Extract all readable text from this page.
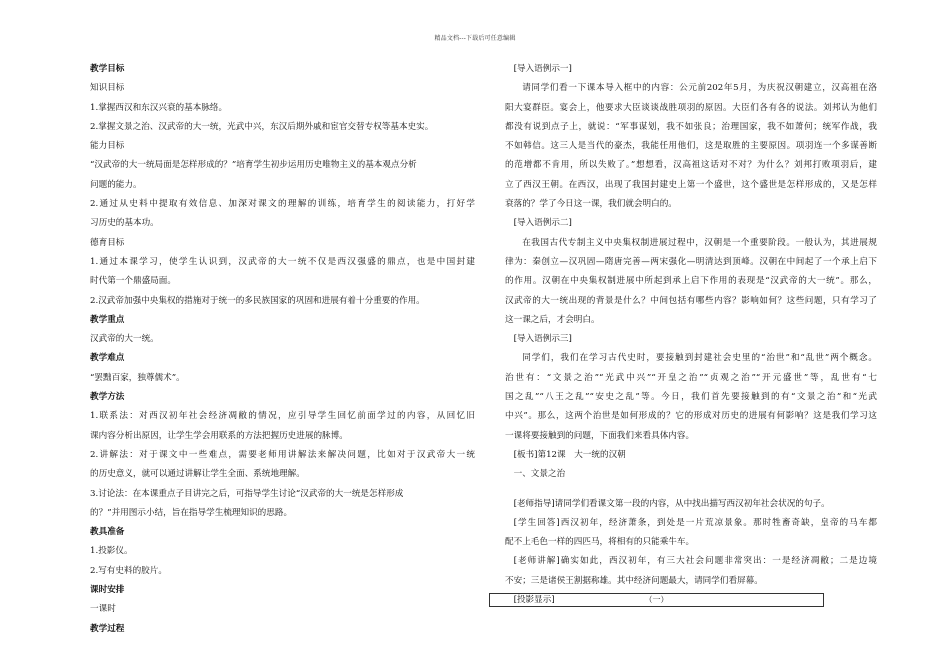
精品文档---下载后可任意编辑

教学目标

知识目标

1.掌握西汉和东汉兴衰的基本脉络。

2.掌握文景之治、汉武帝的大一统，光武中兴，东汉后期外戚和宦官交替专权等基本史实。

能力目标

“汉武帝的大一统局面是怎样形成的？”培育学生初步运用历史唯物主义的基本观点分析

问题的能力。

2.通过从史料中提取有效信息、加深对课文的理解的训练，培育学生的阅读能力，打好学

习历史的基本功。

德育目标

1.通过本课学习，使学生认识到，汉武帝的大一统不仅是西汉强盛的鼎点，也是中国封建

时代第一个鼎盛局面。

2.汉武帝加强中央集权的措施对于统一的多民族国家的巩固和进展有着十分重要的作用。

教学重点

汉武帝的大一统。

教学难点

“罢黜百家，独尊儒术”。

教学方法

1.联系法：对西汉初年社会经济凋敝的情况，应引导学生回忆前面学过的内容，从回忆旧

课内容分析出原因，让学生学会用联系的方法把握历史进展的脉博。

2.讲解法：对于课文中一些难点，需要老师用讲解法来解决问题，比如对于汉武帝大一统

的历史意义，就可以通过讲解让学生全面、系统地理解。

3.讨论法：在本课重点子目讲完之后，可指导学生讨论“汉武帝的大一统是怎样形成

的？”并用图示小结，旨在指导学生梳理知识的思路。

教具准备

1.投影仪。

2.写有史料的胶片。

课时安排

一课时

教学过程

[导入语例示一]

请同学们看一下课本导入框中的内容：公元前202年5月，为庆祝汉朝建立，汉高祖在洛

阳大宴群臣。宴会上，他要求大臣谈谈战胜项羽的原因。大臣们各有各的说法。刘邦认为他们

都没有说到点子上，就说：“军事谋划，我不如张良；治理国家，我不如萧何；统军作战，我

不如韩信。这三人是当代的豪杰，我能任用他们，这是取胜的主要原因。项羽连一个多谋善断

的范增都不肯用，所以失败了。”想想看，汉高祖这话对不对？为什么？刘邦打败项羽后，建

立了西汉王朝。在西汉，出现了我国封建史上第一个盛世，这个盛世是怎样形成的，又是怎样

衰落的？学了今日这一课，我们就会明白的。

[导入语例示二]

在我国古代专制主义中央集权制进展过程中，汉朝是一个重要阶段。一般认为，其进展规

律为：秦创立—汉巩固—隋唐完善—两宋强化—明清达到顶峰。汉朝在中间起了一个承上启下

的作用。汉朝在中央集权制进展中所起到承上启下作用的表现是“汉武帝的大一统”。那么，

汉武帝的大一统出现的背景是什么？中间包括有哪些内容？影响如何？这些问题，只有学习了

这一课之后，才会明白。

[导入语例示三]

同学们，我们在学习古代史时，要接触到封建社会史里的“治世”和“乱世”两个概念。

治世有：“文景之治”“光武中兴”“开皇之治”“贞观之治”“开元盛世”等，乱世有“七

国之乱”“八王之乱”“安史之乱”等。今日，我们首先要接触到的有“文景之治”和“光武

中兴”。那么，这两个治世是如何形成的？它的形成对历史的进展有何影响？这是我们学习这

一课将要接触到的问题，下面我们来看具体内容。

[板书]第12课　大一统的汉朝

一、文景之治

[老师指导]请同学们看课文第一段的内容，从中找出描写西汉初年社会状况的句子。

[学生回答]西汉初年，经济萧条，到处是一片荒凉景象。那时牲畜奇缺，皇帝的马车都

配不上毛色一样的四匹马，将相有的只能乘牛车。

[老师讲解]确实如此，西汉初年，有三大社会问题非常突出：一是经济凋敝；二是边境

不安；三是诸侯王割据称雄。其中经济问题最大，请同学们看屏幕。

[投影显示]	（一）
